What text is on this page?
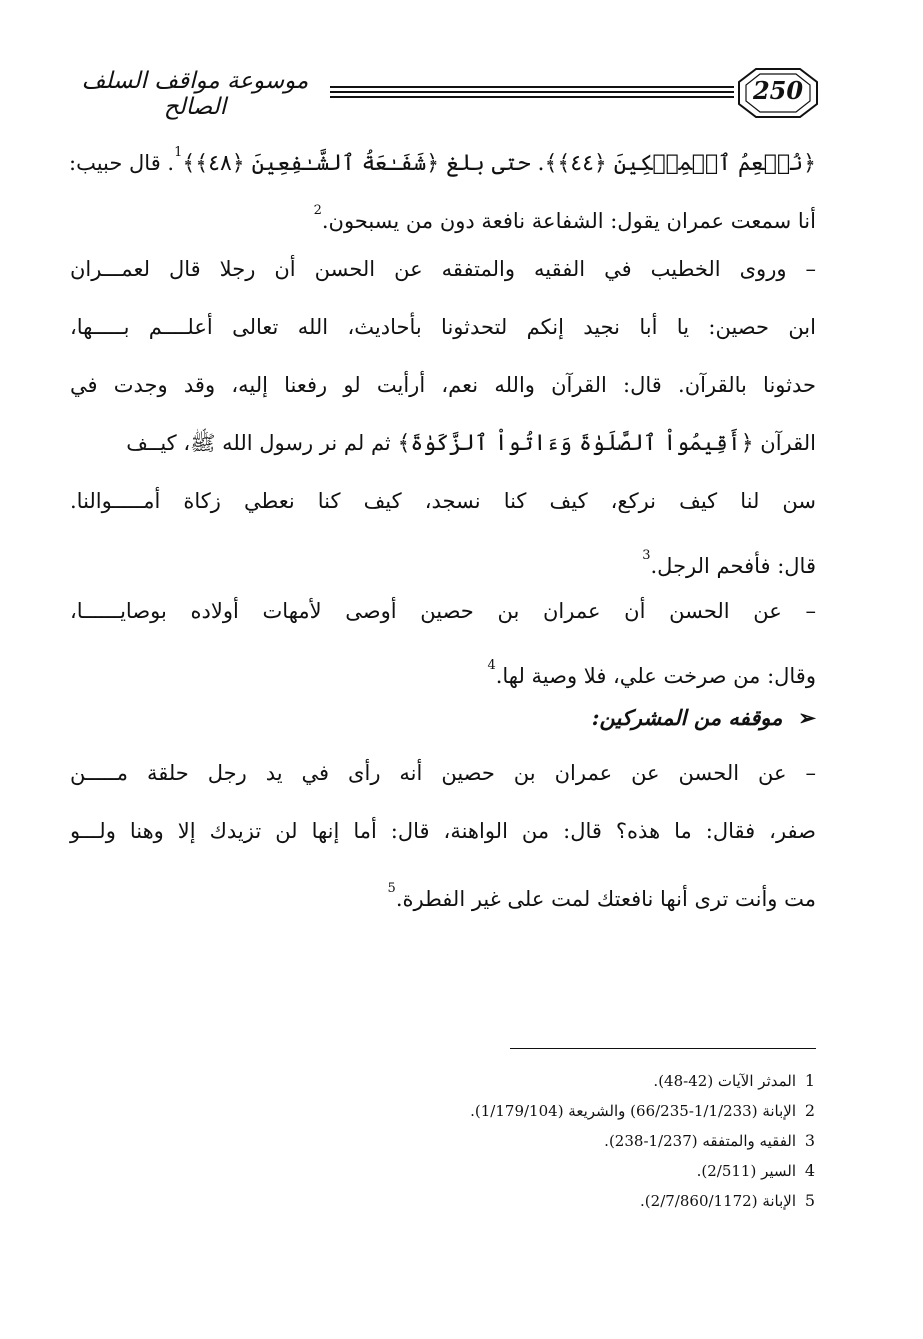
250
موسوعة مواقف السلف الصالح
﴿نُطۡعِمُ ٱلۡمِسۡكِينَ ﴿٤٤﴾﴾. حتى بلغ ﴿شَفَـٰعَةُ ٱلشَّـٰفِعِينَ ﴿٤٨﴾﴾$^1$. قال حبيب:
أنا سمعت عمران يقول: الشفاعة نافعة دون من يسبحون.$^2$
– وروى الخطيب في الفقيه والمتفقه عن الحسن أن رجلا قال لعمـــران
ابن حصين: يا أبا نجيد إنكم لتحدثونا بأحاديث، الله تعالى أعلــــم بـــــها،
حدثونا بالقرآن. قال: القرآن والله نعم، أرأيت لو رفعنا إليه، وقد وجدت في
القرآن ﴿أَقِيمُواْ ٱلصَّلَوٰةَ وَءَاتُواْ ٱلزَّكَوٰةَ﴾ ثم لم نر رسول الله ﷺ، كيــف
سن لنا كيف نركع، كيف كنا نسجد، كيف كنا نعطي زكاة أمـــــوالنا.
قال: فأفحم الرجل.$^3$
– عن الحسن أن عمران بن حصين أوصى لأمهات أولاده بوصايــــــا،
وقال: من صرخت علي، فلا وصية لها.$^4$
➢موقفه من المشركين:
– عن الحسن عن عمران بن حصين أنه رأى في يد رجل حلقة مـــــن
صفر، فقال: ما هذه؟ قال: من الواهنة، قال: أما إنها لن تزيدك إلا وهنا ولـــو
مت وأنت ترى أنها نافعتك لمت على غير الفطرة.$^5$
1 المدثر الآيات (42-48).
2 الإبانة (1/1/233-66/235) والشريعة (1/179/104).
3 الفقيه والمتفقه (1/237-238).
4 السير (2/511).
5 الإبانة (2/7/860/1172).
